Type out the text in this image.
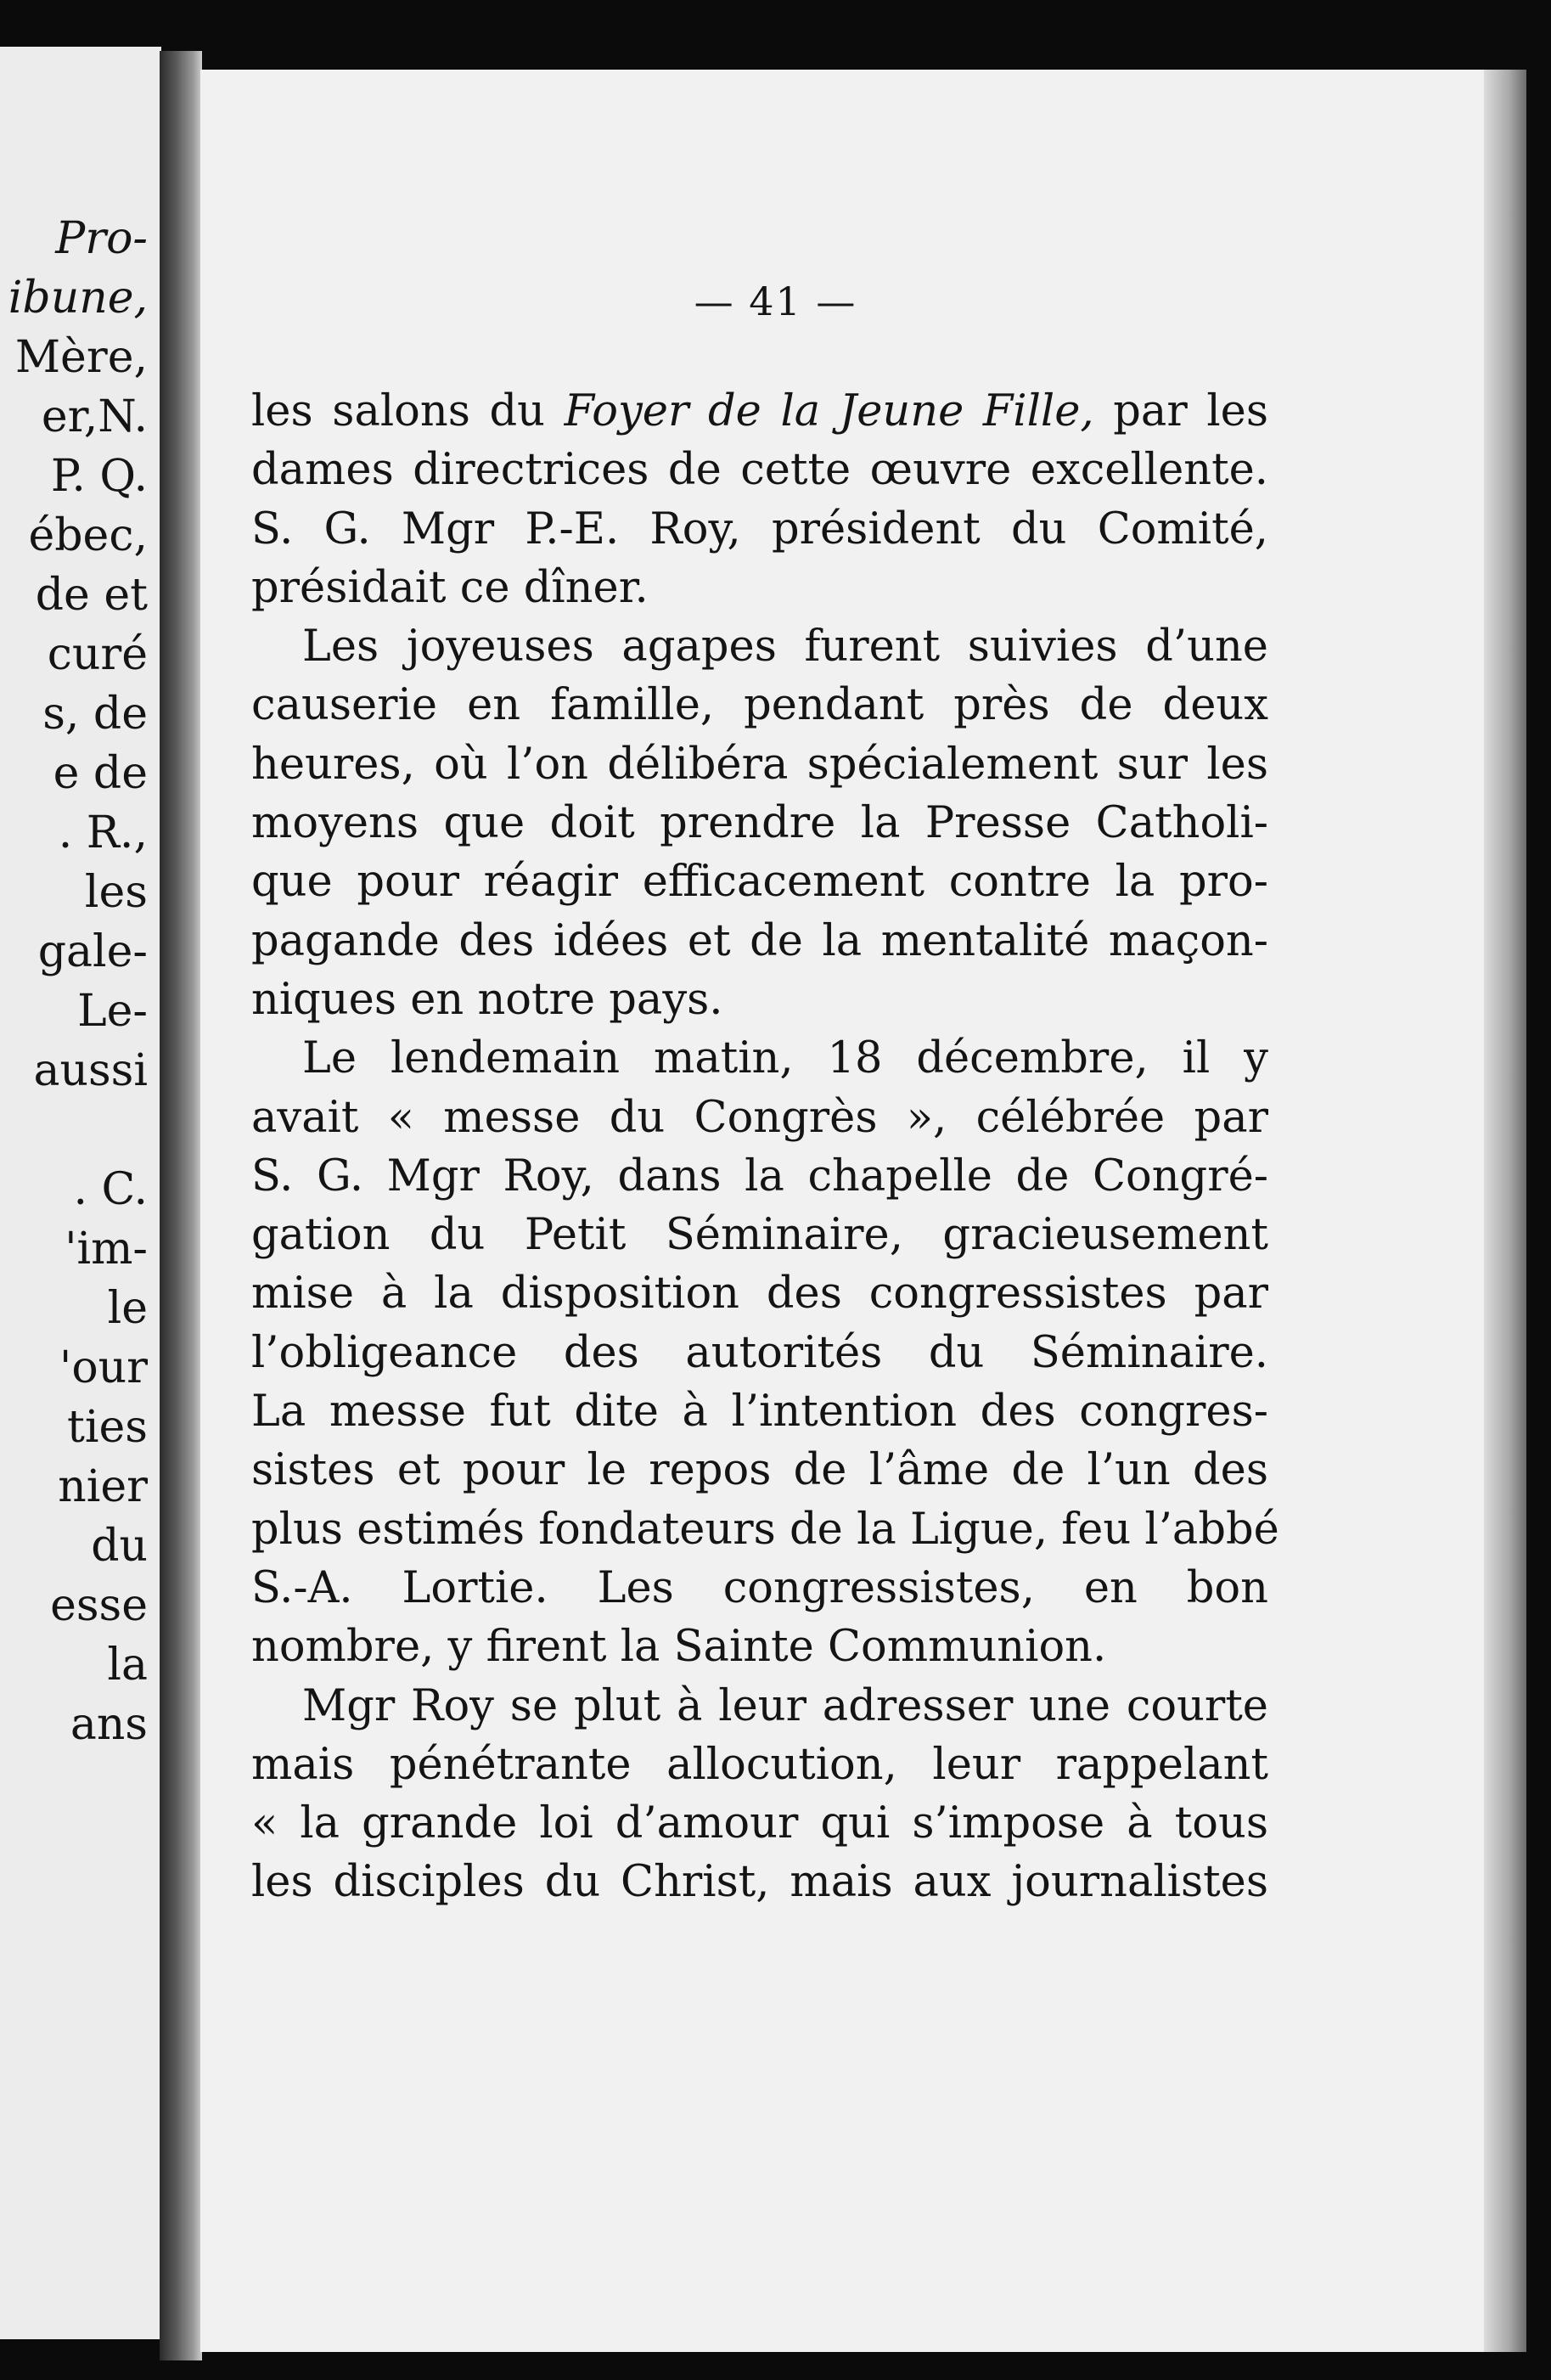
Pro-
ibune,
Mère,
er,N.
P. Q.
ébec,
de et
curé
s, de
e de
. R.,
les
gale-
Le-
aussi
. C.
'im-
le
'our
ties
nier
du
esse
la
ans
— 41 —
les salons du Foyer de la Jeune Fille, par les
dames directrices de cette œuvre excellente.
S. G. Mgr P.-E. Roy, président du Comité,
présidait ce dîner.
Les joyeuses agapes furent suivies d’une
causerie en famille, pendant près de deux
heures, où l’on délibéra spécialement sur les
moyens que doit prendre la Presse Catholi-
que pour réagir efficacement contre la pro-
pagande des idées et de la mentalité maçon-
niques en notre pays.
Le lendemain matin, 18 décembre, il y
avait « messe du Congrès », célébrée par
S. G. Mgr Roy, dans la chapelle de Congré-
gation du Petit Séminaire, gracieusement
mise à la disposition des congressistes par
l’obligeance des autorités du Séminaire.
La messe fut dite à l’intention des congres-
sistes et pour le repos de l’âme de l’un des
plus estimés fondateurs de la Ligue, feu l’abbé
S.-A. Lortie. Les congressistes, en bon
nombre, y firent la Sainte Communion.
Mgr Roy se plut à leur adresser une courte
mais pénétrante allocution, leur rappelant
« la grande loi d’amour qui s’impose à tous
les disciples du Christ, mais aux journalistes
